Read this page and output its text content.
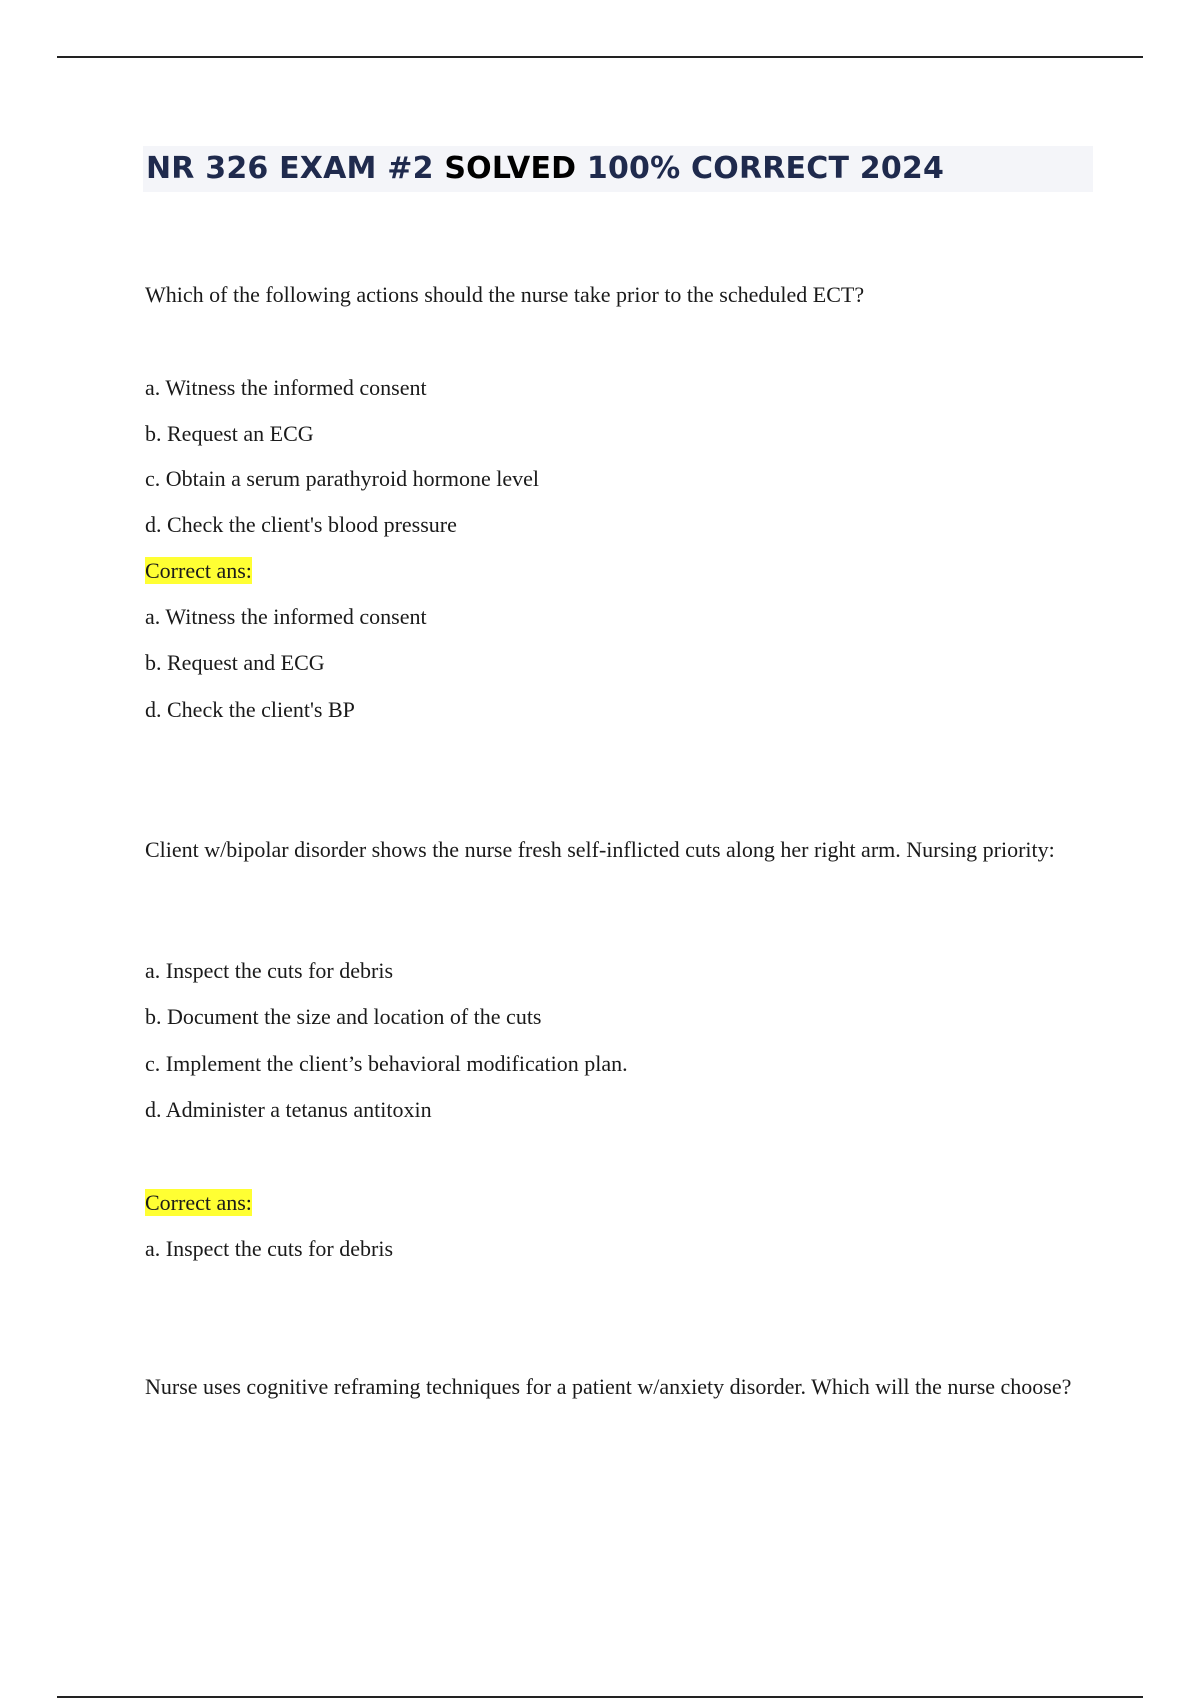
NR 326 EXAM #2 SOLVED 100% CORRECT 2024
Which of the following actions should the nurse take prior to the scheduled ECT?
a. Witness the informed consent
b. Request an ECG
c. Obtain a serum parathyroid hormone level
d. Check the client's blood pressure
Correct ans:
a. Witness the informed consent
b. Request and ECG
d. Check the client's BP
Client w/bipolar disorder shows the nurse fresh self-inflicted cuts along her right arm. Nursing priority:
a. Inspect the cuts for debris
b. Document the size and location of the cuts
c. Implement the client’s behavioral modification plan.
d. Administer a tetanus antitoxin
Correct ans:
a. Inspect the cuts for debris
Nurse uses cognitive reframing techniques for a patient w/anxiety disorder. Which will the nurse choose?
